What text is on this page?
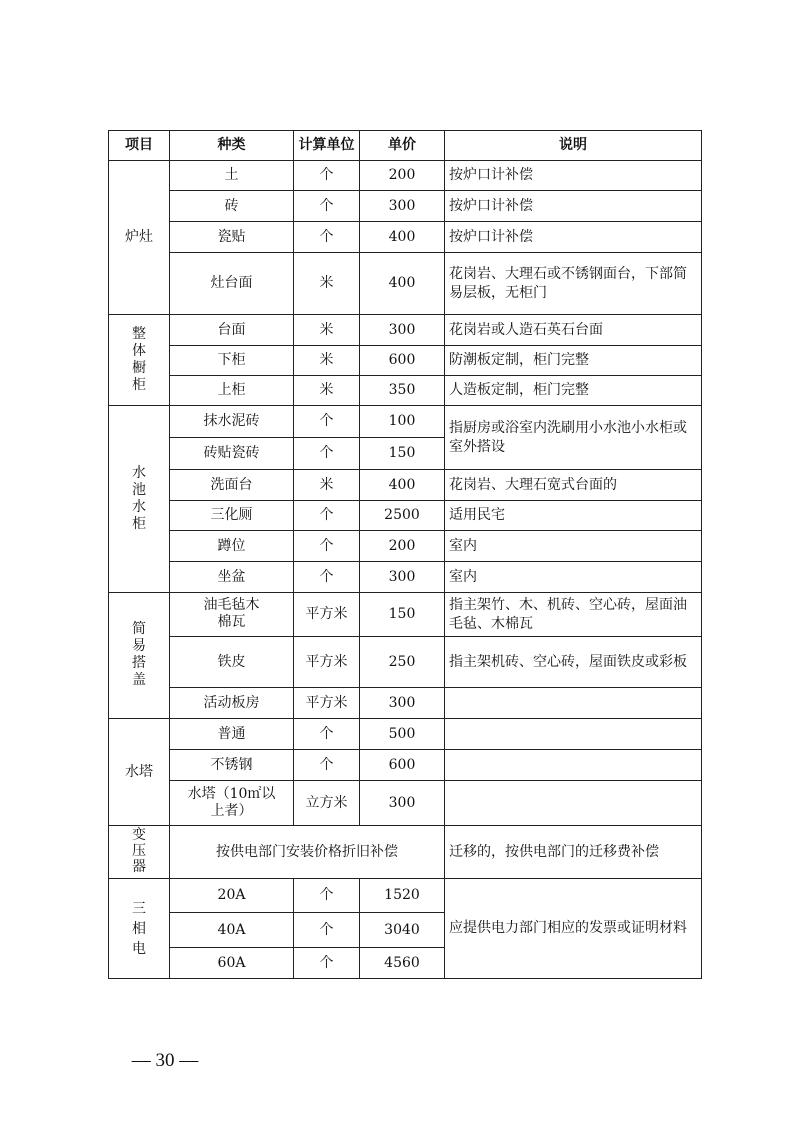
项目	种类	计算单位	单价	说明
炉灶	土	个	200	按炉口计补偿
	砖	个	300	按炉口计补偿
	瓷贴	个	400	按炉口计补偿
	灶台面	米	400	花岗岩、大理石或不锈钢面台，下部简易层板，无柜门
整体橱柜	台面	米	300	花岗岩或人造石英石台面
	下柜	米	600	防潮板定制，柜门完整
	上柜	米	350	人造板定制，柜门完整
水池水柜	抹水泥砖	个	100	指厨房或浴室内洗刷用小水池小水柜或室外搭设
	砖贴瓷砖	个	150	
	洗面台	米	400	花岗岩、大理石宽式台面的
	三化厕	个	2500	适用民宅
	蹲位	个	200	室内
	坐盆	个	300	室内
简易搭盖	油毛毡木棉瓦	平方米	150	指主架竹、木、机砖、空心砖，屋面油毛毡、木棉瓦
	铁皮	平方米	250	指主架机砖、空心砖，屋面铁皮或彩板
	活动板房	平方米	300	
水塔	普通	个	500	
	不锈钢	个	600	
	水塔（10㎡以上者）	立方米	300	
变压器	按供电部门安装价格折旧补偿			迁移的，按供电部门的迁移费补偿
三相电	20A	个	1520	应提供电力部门相应的发票或证明材料
	40A	个	3040	
	60A	个	4560	
— 30 —
